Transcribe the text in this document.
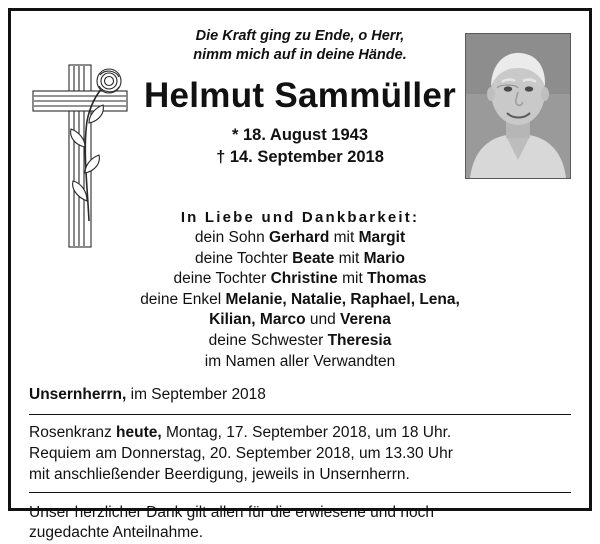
Die Kraft ging zu Ende, o Herr,
nimm mich auf in deine Hände.
Helmut Sammüller
* 18. August 1943
† 14. September 2018
In Liebe und Dankbarkeit:
dein Sohn Gerhard mit Margit
deine Tochter Beate mit Mario
deine Tochter Christine mit Thomas
deine Enkel Melanie, Natalie, Raphael, Lena,
Kilian, Marco und Verena
deine Schwester Theresia
im Namen aller Verwandten
Unsernherrn, im September 2018
Rosenkranz heute, Montag, 17. September 2018, um 18 Uhr.
Requiem am Donnerstag, 20. September 2018, um 13.30 Uhr
mit anschließender Beerdigung, jeweils in Unsernherrn.
Unser herzlicher Dank gilt allen für die erwiesene und noch
zugedachte Anteilnahme.
